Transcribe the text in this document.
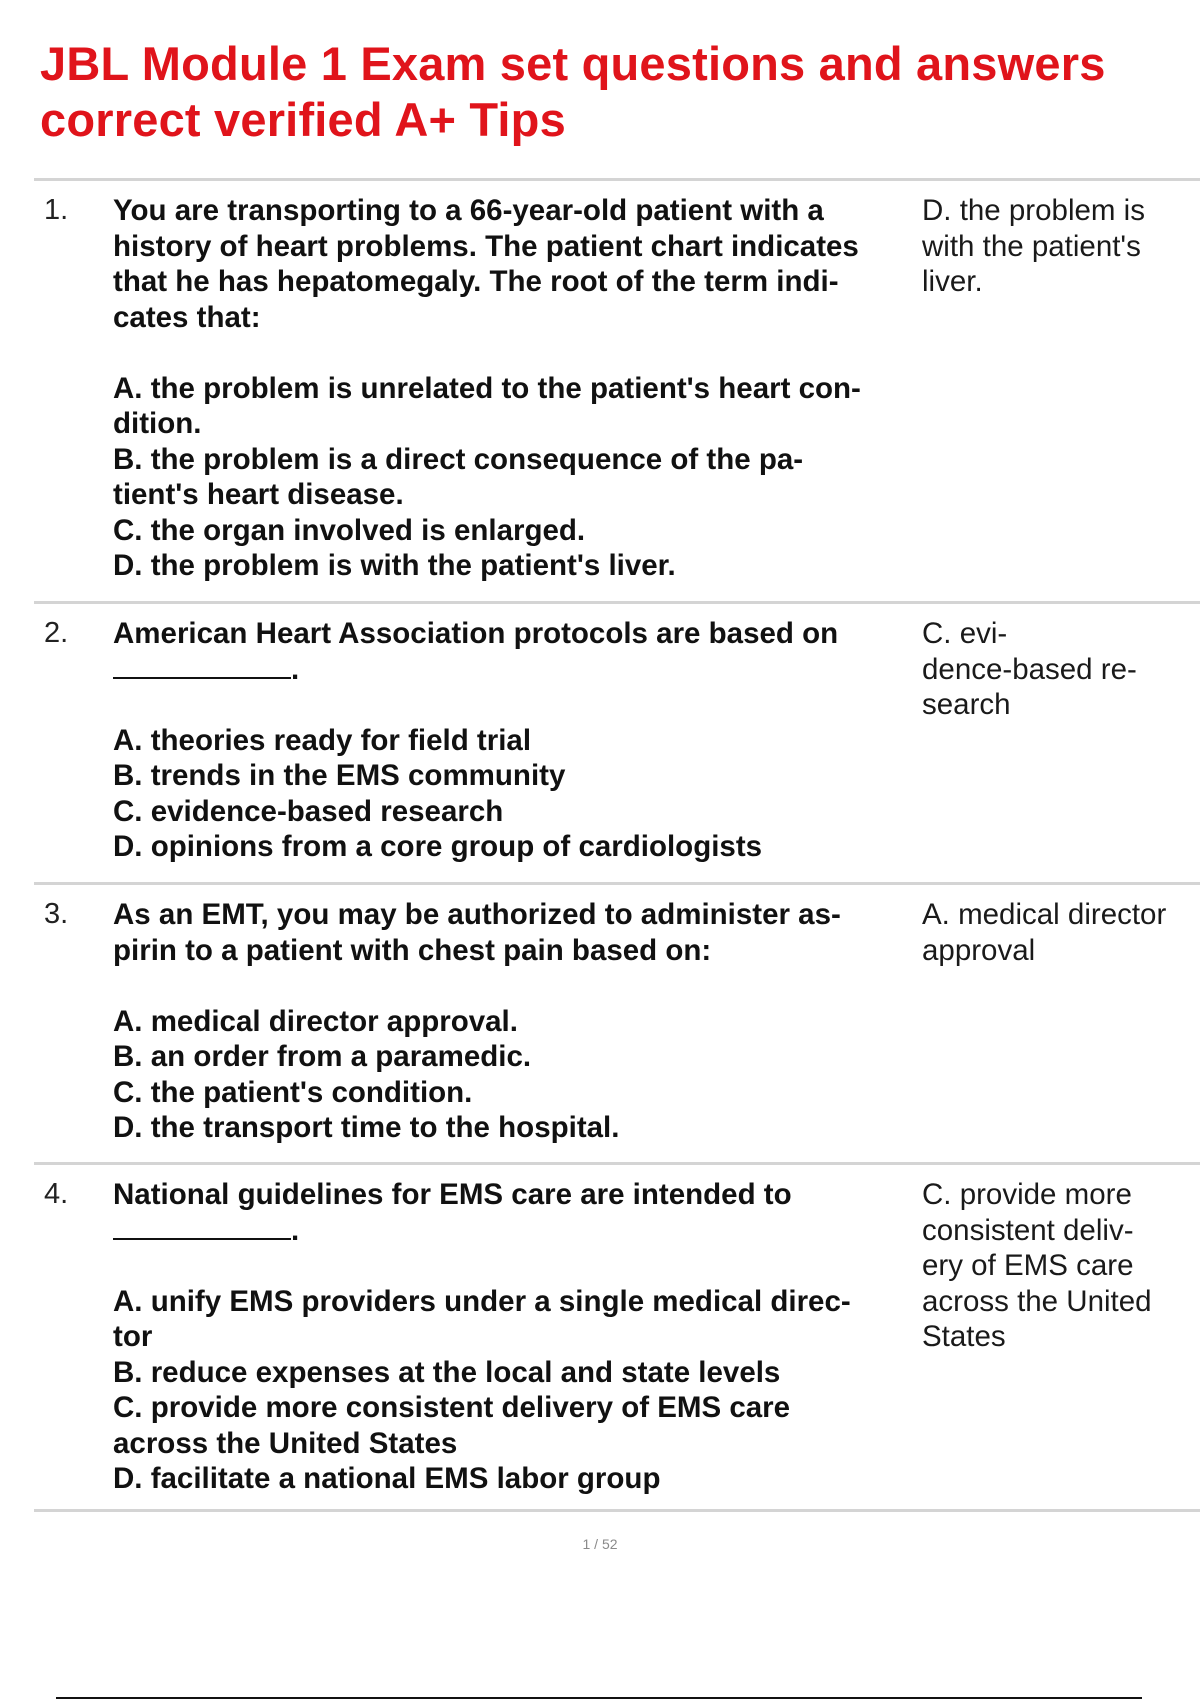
JBL Module 1 Exam set questions and answers
correct verified A+ Tips
1. You are transporting to a 66-year-old patient with a
history of heart problems. The patient chart indicates
that he has hepatomegaly. The root of the term indi-
cates that:
A. the problem is unrelated to the patient's heart con-
dition.
B. the problem is a direct consequence of the pa-
tient's heart disease.
C. the organ involved is enlarged.
D. the problem is with the patient's liver.
D. the problem is
with the patient's
liver.
2. American Heart Association protocols are based on
.
A. theories ready for field trial
B. trends in the EMS community
C. evidence-based research
D. opinions from a core group of cardiologists
C. evi-
dence-based re-
search
3. As an EMT, you may be authorized to administer as-
pirin to a patient with chest pain based on:
A. medical director approval.
B. an order from a paramedic.
C. the patient's condition.
D. the transport time to the hospital.
A. medical director
approval
4. National guidelines for EMS care are intended to
.
A. unify EMS providers under a single medical direc-
tor
B. reduce expenses at the local and state levels
C. provide more consistent delivery of EMS care
across the United States
D. facilitate a national EMS labor group
C. provide more
consistent deliv-
ery of EMS care
across the United
States
1 / 52
